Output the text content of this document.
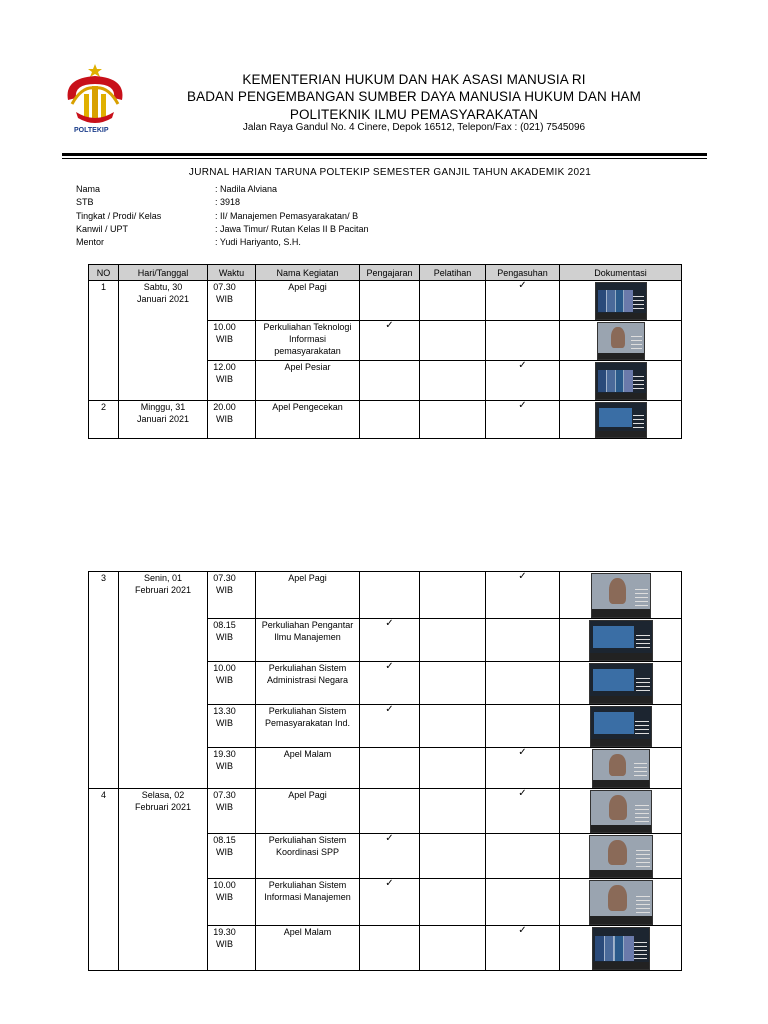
POLTEKIP
KEMENTERIAN HUKUM DAN HAK ASASI MANUSIA RI
BADAN PENGEMBANGAN SUMBER DAYA MANUSIA HUKUM DAN HAM
POLITEKNIK ILMU PEMASYARAKATAN
Jalan Raya Gandul No. 4 Cinere, Depok 16512, Telepon/Fax : (021) 7545096
JURNAL HARIAN TARUNA POLTEKIP SEMESTER GANJIL TAHUN AKADEMIK 2021
Nama	: Nadila Alviana
STB	: 3918
Tingkat / Prodi/ Kelas	: II/ Manajemen Pemasyarakatan/ B
Kanwil / UPT	: Jawa Timur/ Rutan Kelas II B Pacitan
Mentor	: Yudi Hariyanto, S.H.
NO	Hari/Tanggal	Waktu	Nama Kegiatan	Pengajaran	Pelatihan	Pengasuhan	Dokumentasi
1	Sabtu, 30 Januari 2021	07.30 WIB	Apel Pagi			✓	

		10.00 WIB	Perkuliahan Teknologi Informasi pemasyarakatan	✓			

		12.00 WIB	Apel Pesiar			✓	

2	Minggu, 31 Januari 2021	20.00 WIB	Apel Pengecekan			✓	

3	Senin, 01 Februari 2021	07.30 WIB	Apel Pagi			✓	

		08.15 WIB	Perkuliahan Pengantar Ilmu Manajemen	✓			

		10.00 WIB	Perkuliahan Sistem Administrasi Negara	✓			

		13.30 WIB	Perkuliahan Sistem Pemasyarakatan Ind.	✓			

		19.30 WIB	Apel Malam			✓	

4	Selasa, 02 Februari 2021	07.30 WIB	Apel Pagi			✓	

		08.15 WIB	Perkuliahan Sistem Koordinasi SPP	✓			

		10.00 WIB	Perkuliahan Sistem Informasi Manajemen	✓			

		19.30 WIB	Apel Malam			✓	
